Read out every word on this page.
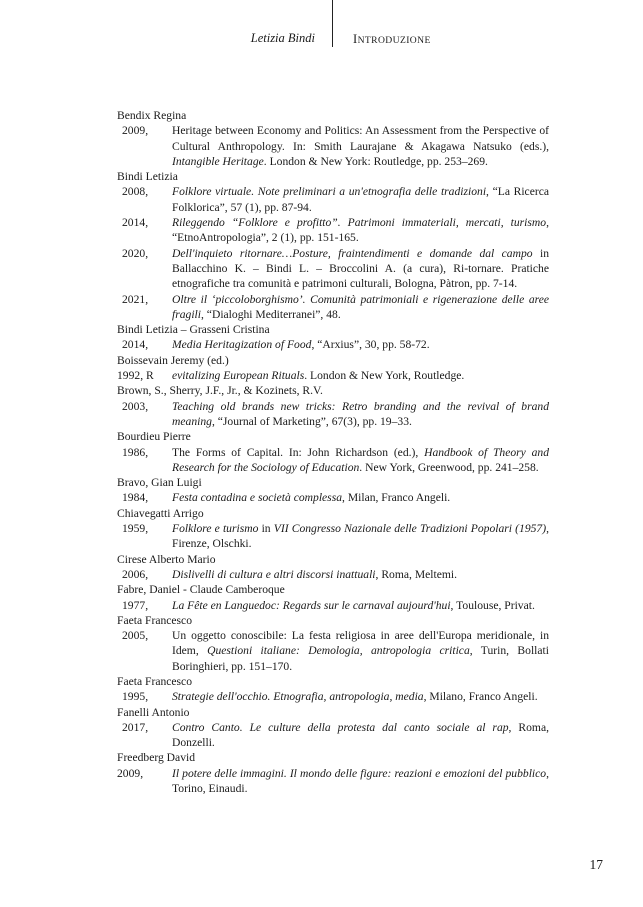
Letizia Bindi	INTRODUZIONE
Bendix Regina
2009,	Heritage between Economy and Politics: An Assessment from the Perspective of Cultural Anthropology. In: Smith Laurajane & Akagawa Natsuko (eds.), Intangible Heritage. London & New York: Routledge, pp. 253–269.
Bindi Letizia
2008,	Folklore virtuale. Note preliminari a un'etnografia delle tradizioni, “La Ricerca Folklorica”, 57 (1), pp. 87-94.
2014,	Rileggendo “Folklore e profitto”. Patrimoni immateriali, mercati, turismo, “EtnoAntropologia”, 2 (1), pp. 151-165.
2020,	Dell'inquieto ritornare…Posture, fraintendimenti e domande dal campo in Ballacchino K. – Bindi L. – Broccolini A. (a cura), Ri-tornare. Pratiche etnografiche tra comunità e patrimoni culturali, Bologna, Pàtron, pp. 7-14.
2021,	Oltre il ‘piccoloborghismo’. Comunità patrimoniali e rigenerazione delle aree fragili, “Dialoghi Mediterranei”, 48.
Bindi Letizia – Grasseni Cristina
2014,	Media Heritagization of Food, “Arxius”, 30, pp. 58-72.
Boissevain Jeremy (ed.)
1992, R	evitalizing European Rituals. London & New York, Routledge.
Brown, S., Sherry, J.F., Jr., & Kozinets, R.V.
2003,	Teaching old brands new tricks: Retro branding and the revival of brand meaning, “Journal of Marketing”, 67(3), pp. 19–33.
Bourdieu Pierre
1986,	The Forms of Capital. In: John Richardson (ed.), Handbook of Theory and Research for the Sociology of Education. New York, Greenwood, pp. 241–258.
Bravo, Gian Luigi
1984,	Festa contadina e società complessa, Milan, Franco Angeli.
Chiavegatti Arrigo
1959,	Folklore e turismo in VII Congresso Nazionale delle Tradizioni Popolari (1957), Firenze, Olschki.
Cirese Alberto Mario
2006,	Dislivelli di cultura e altri discorsi inattuali, Roma, Meltemi.
Fabre, Daniel - Claude Camberoque
1977,	La Fête en Languedoc: Regards sur le carnaval aujourd'hui, Toulouse, Privat.
Faeta Francesco
2005,	Un oggetto conoscibile: La festa religiosa in aree dell'Europa meridionale, in Idem, Questioni italiane: Demologia, antropologia critica, Turin, Bollati Boringhieri, pp. 151–170.
Faeta Francesco
1995,	Strategie dell'occhio. Etnografia, antropologia, media, Milano, Franco Angeli.
Fanelli Antonio
2017,	Contro Canto. Le culture della protesta dal canto sociale al rap, Roma, Donzelli.
Freedberg David
2009,	Il potere delle immagini. Il mondo delle figure: reazioni e emozioni del pubblico, Torino, Einaudi.
17
